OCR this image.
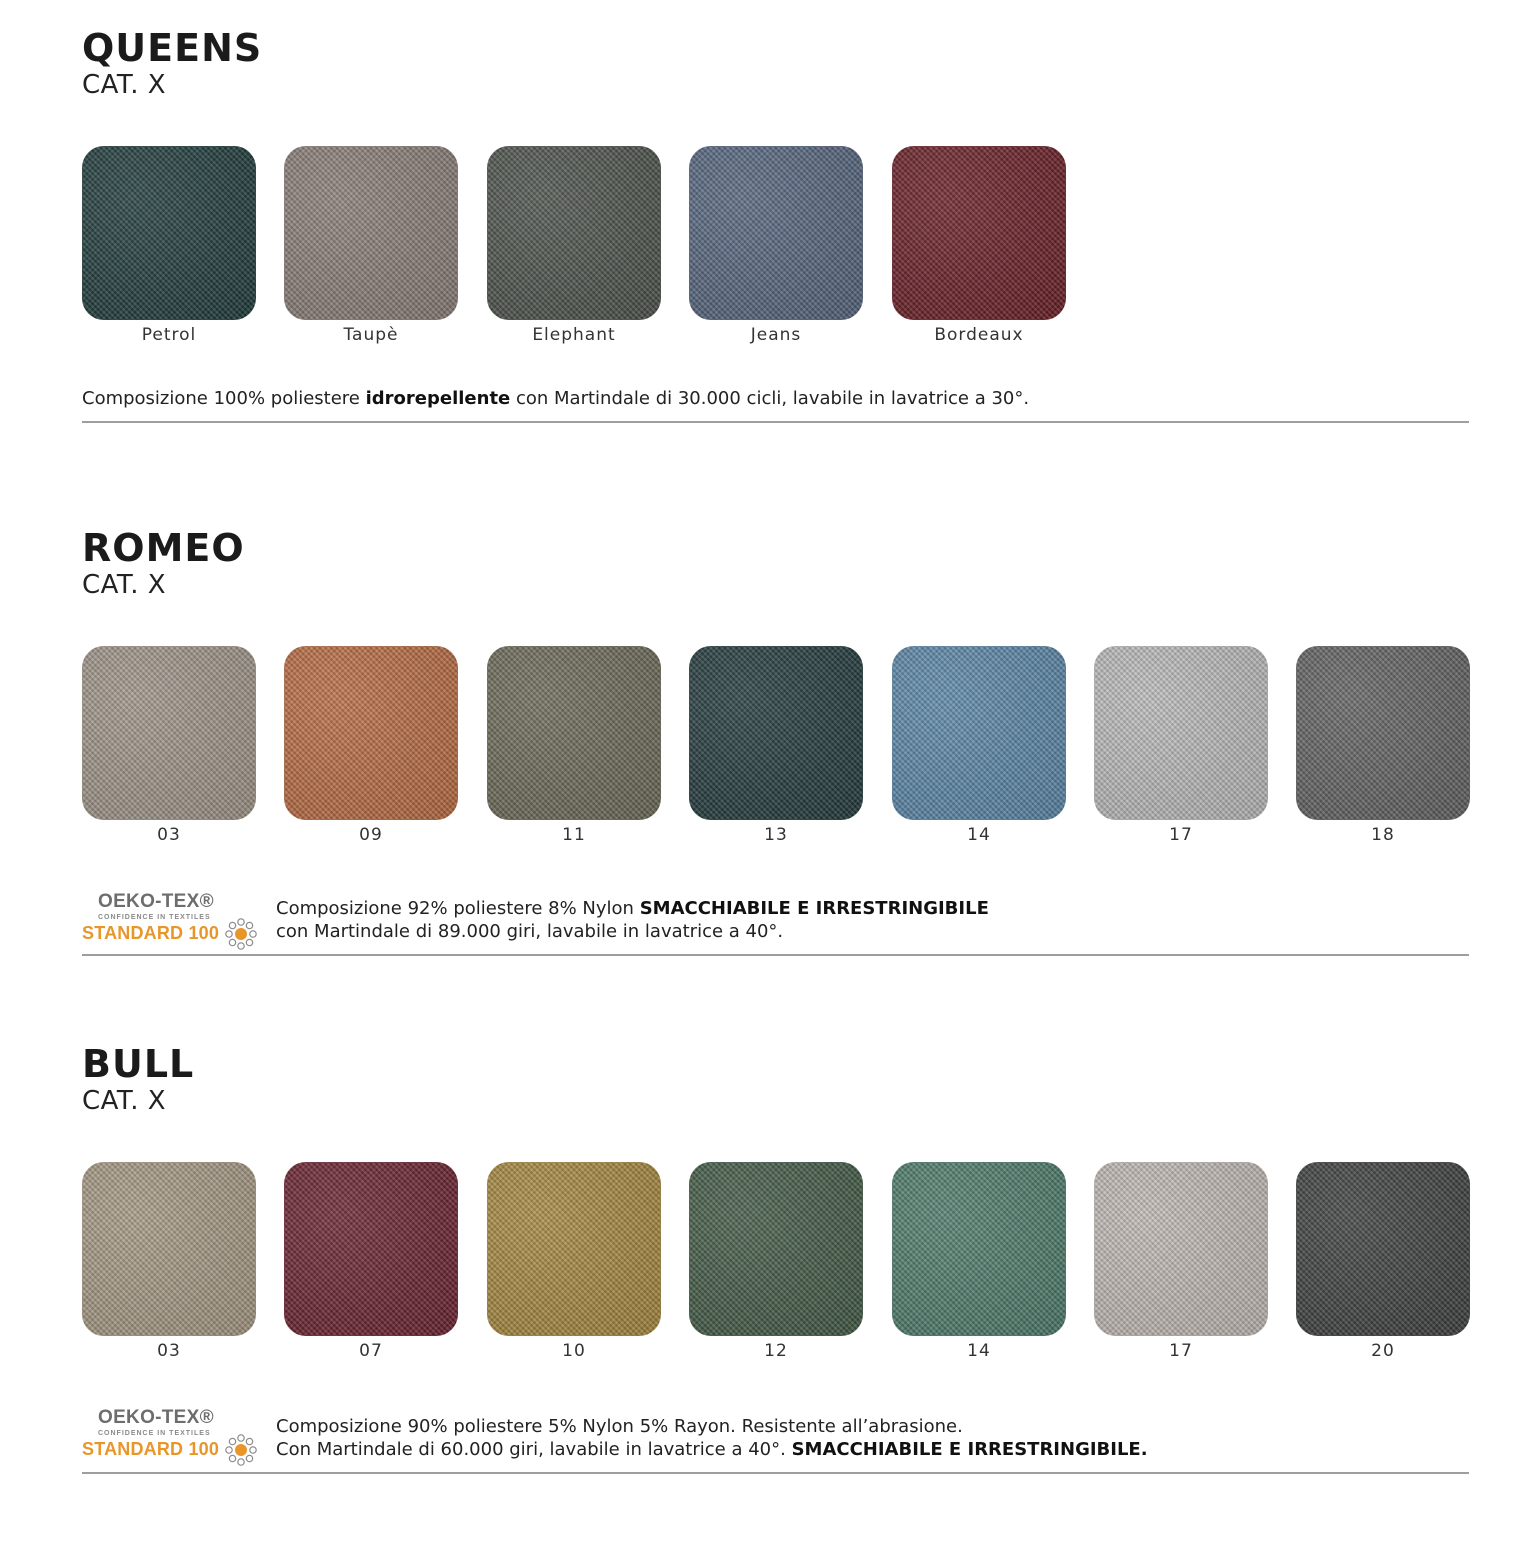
QUEENS
CAT. X
Petrol	Taupè	Elephant	Jeans	Bordeaux
Composizione 100% poliestere idrorepellente con Martindale di 30.000 cicli, lavabile in lavatrice a 30°.
ROMEO
CAT. X
03	09	11	13	14	17	18
OEKO-TEX®
CONFIDENCE IN TEXTILES
STANDARD 100
Composizione 92% poliestere 8% Nylon SMACCHIABILE E IRRESTRINGIBILE
con Martindale di 89.000 giri, lavabile in lavatrice a 40°.
BULL
CAT. X
03	07	10	12	14	17	20
OEKO-TEX®
CONFIDENCE IN TEXTILES
STANDARD 100
Composizione 90% poliestere 5% Nylon 5% Rayon. Resistente all’abrasione.
Con Martindale di 60.000 giri, lavabile in lavatrice a 40°. SMACCHIABILE E IRRESTRINGIBILE.
